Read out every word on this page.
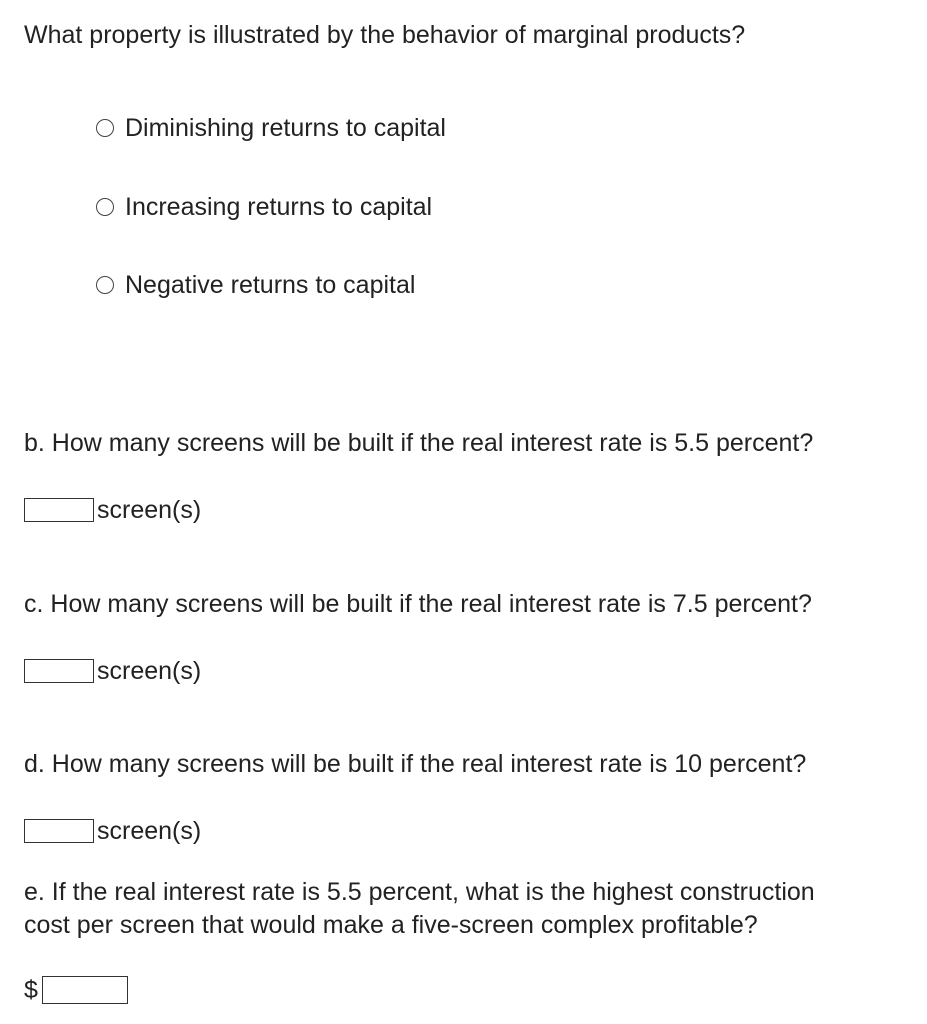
What property is illustrated by the behavior of marginal products?
Diminishing returns to capital
Increasing returns to capital
Negative returns to capital
b. How many screens will be built if the real interest rate is 5.5 percent?
screen(s)
c. How many screens will be built if the real interest rate is 7.5 percent?
screen(s)
d. How many screens will be built if the real interest rate is 10 percent?
screen(s)
e. If the real interest rate is 5.5 percent, what is the highest construction
cost per screen that would make a five-screen complex profitable?
$
